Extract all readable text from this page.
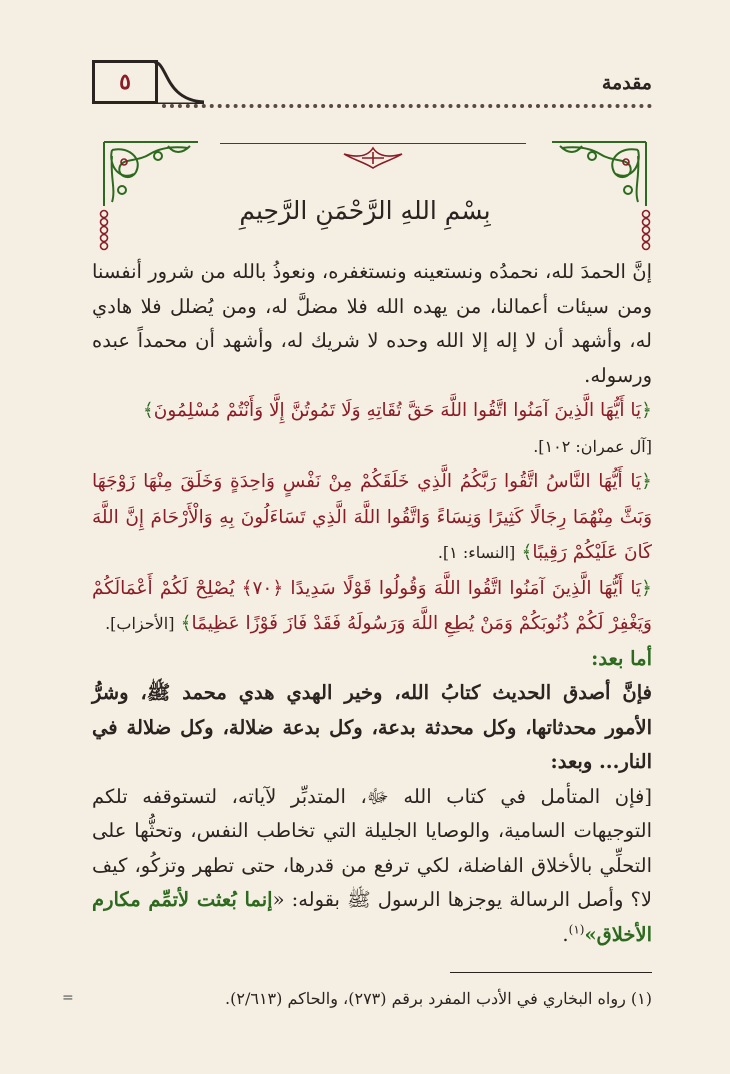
٥	مقدمة
بِسْمِ اللهِ الرَّحْمَنِ الرَّحِيمِ

إنَّ الحمدَ لله، نحمدُه ونستعينه ونستغفره، ونعوذُ بالله من شرور أنفسنا ومن سيئات أعمالنا، من يهده الله فلا مضلَّ له، ومن يُضلل فلا هادي له، وأشهد أن لا إله إلا الله وحده لا شريك له، وأشهد أن محمداً عبده ورسوله.

﴿يَا أَيُّهَا الَّذِينَ آمَنُوا اتَّقُوا اللَّهَ حَقَّ تُقَاتِهِ وَلَا تَمُوتُنَّ إِلَّا وَأَنْتُمْ مُسْلِمُونَ﴾

[آل عمران: ١٠٢].

﴿يَا أَيُّهَا النَّاسُ اتَّقُوا رَبَّكُمُ الَّذِي خَلَقَكُمْ مِنْ نَفْسٍ وَاحِدَةٍ وَخَلَقَ مِنْهَا زَوْجَهَا وَبَثَّ مِنْهُمَا رِجَالًا كَثِيرًا وَنِسَاءً وَاتَّقُوا اللَّهَ الَّذِي تَسَاءَلُونَ بِهِ وَالْأَرْحَامَ إِنَّ اللَّهَ كَانَ عَلَيْكُمْ رَقِيبًا﴾ [النساء: ١].

﴿يَا أَيُّهَا الَّذِينَ آمَنُوا اتَّقُوا اللَّهَ وَقُولُوا قَوْلًا سَدِيدًا ﴿٧٠﴾ يُصْلِحْ لَكُمْ أَعْمَالَكُمْ وَيَغْفِرْ لَكُمْ ذُنُوبَكُمْ وَمَنْ يُطِعِ اللَّهَ وَرَسُولَهُ فَقَدْ فَازَ فَوْزًا عَظِيمًا﴾ [الأحزاب].

أما بعد:

فإنَّ أصدق الحديث كتابُ الله، وخير الهدي هدي محمد ﷺ، وشرُّ الأمور محدثاتها، وكل محدثة بدعة، وكل بدعة ضلالة، وكل ضلالة في النار... وبعد:

[فإن المتأمل في كتاب الله ﷻ، المتدبِّر لآياته، لتستوقفه تلكم التوجيهات السامية، والوصايا الجليلة التي تخاطب النفس، وتحثُّها على التحلِّي بالأخلاق الفاضلة، لكي ترفع من قدرها، حتى تطهر وتزكُو، كيف لا؟ وأصل الرسالة يوجزها الرسول ﷺ بقوله: «إنما بُعثت لأتمِّم مكارم الأخلاق»$^{(١)}$.

(١) رواه البخاري في الأدب المفرد برقم (٢٧٣)، والحاكم (٢/٦١٣).
=
